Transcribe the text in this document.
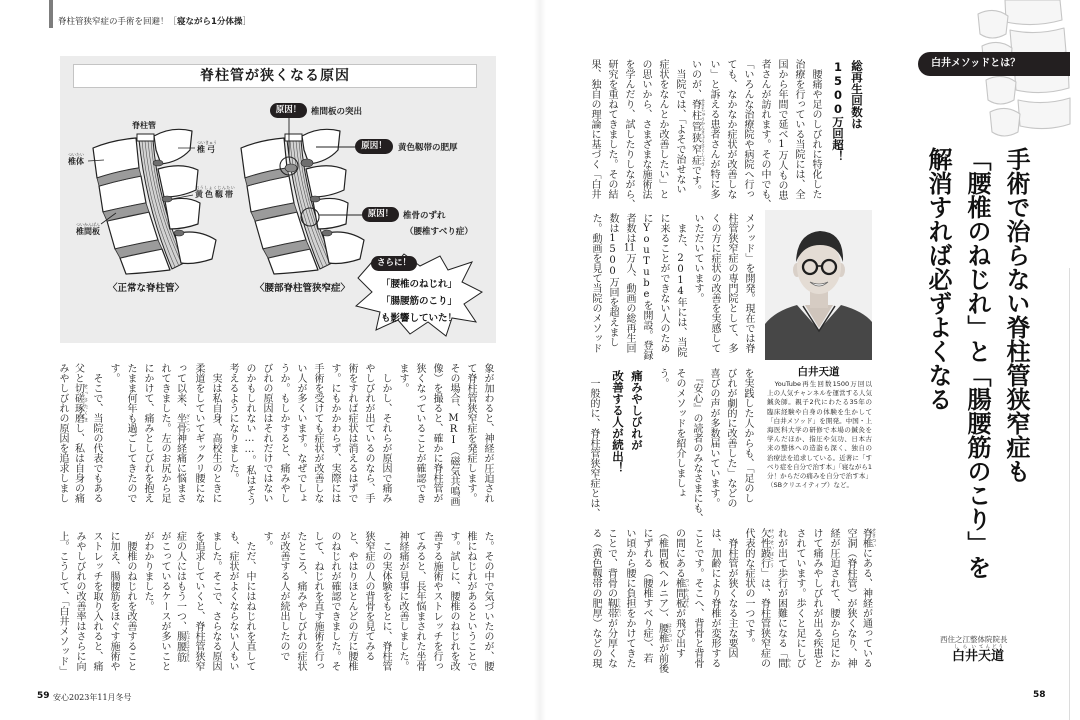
脊柱管狭窄症の手術を回避！［寝ながら1分体操］
脊柱管が狭くなる原因
脊柱管
椎弓ついきゅう
椎体ついたい
黄色靱帯おうしょくじんたい
椎間板ついかんばん
〈正常な脊柱管〉
原因！	椎間板の突出
原因！	黄色靱帯の肥厚
原因！	椎骨のずれ
（腰椎すべり症）
さらに！
「腰椎のねじれ」
「腸腰筋のこり」
も影響していた！
〈腰部脊柱管狭窄症〉
象が加わると、神経が圧迫され
て脊柱管狭窄症を発症します。
その場合、MRI（磁気共鳴画
像）を撮ると、確かに脊柱管が
狭くなっていることが確認でき
ます。
　しかし、それらが原因で痛み
やしびれが出ているのなら、手
術をすれば症状は消えるはずで
す。にもかかわらず、実際には
手術を受けても症状が改善しな
い人が多くいます。なぜでしょ
うか。もしかすると、痛みやし
びれの原因はそれだけではない
のかもしれない……。私はそう
考えるようになりました。
　実は私自身、高校生のときに
柔道をしていてギックリ腰にな
って以来、坐骨 ざこつ神経痛に悩まさ
れてきました。左のお尻から足
にかけて、痛みとしびれを抱え
たまま何年も過ごしてきたので
す。
　そこで、当院の代表でもある
父と切磋琢磨 せっさたくまし、私は自身の痛
みやしびれの原因を追求しまし
た。その中で気づいたのが、腰
椎にねじれがあるということで
す。試しに、腰椎のねじれを改
善する施術やストレッチを行っ
てみると、長年悩まされた坐骨
神経痛が見事に改善しました。
　この実体験をもとに、脊柱管
狭窄症の人の背骨を見てみる
と、やはりほとんどの方に腰椎
のねじれが確認できました。そ
して、ねじれを直す施術を行っ
たところ、痛みやしびれの症状
が改善する人が続出したので
す。
　ただ、中にはねじれを直して
も、症状がよくならない人もい
ました。そこで、さらなる原因
を追求していくと、脊柱管狭窄
症の人にはもう一つ、腸腰筋 ちょうようきん
がこっているケースが多いこと
がわかりました。
　腰椎のねじれを改善すること
に加え、腸腰筋をほぐす施術や
ストレッチを取り入れると、痛
みやしびれの改善率はさらに向
上。こうして、「白井メソッド」
59 安心2023年11月冬号
白井メソッドとは？
手術で治らない脊柱管狭窄症も
「腰椎のねじれ」と「腸腰筋のこり」を
解消すれば必ずよくなる
総再生回数は
1500万回超！
　腰痛や足のしびれに特化した
治療を行っている当院には、全
国から年間で延べ1万人もの患
者さんが訪れます。その中でも、
「いろんな治療院や病院へ行っ
ても、なかなか症状が改善しな
い」と訴える患者さんが特に多
いのが、脊柱管狭窄症 せきちゅうかんきょうさくしょうです。
　当院では、「よそで治せない
症状をなんとか改善したい」と
の思いから、さまざまな施術法
を学んだり、試したりしながら、
研究を重ねてきました。その結
果、独自の理論に基づく「白井
白井天道
　YouTube再生回数1500万回以
上の人気チャンネルを運営する人気
鍼灸師。親子2代にわたる35年の
臨床経験や自身の体験を生かして
「白井メソッド」を開発。中国・上
海医科大学の研修で本場の鍼灸を
学んだほか、指圧や気功、日本古
来の整体への造詣も深く、独自の
治療法を追求している。近著に「す
べり症を自分で治す本」「寝ながら1
分！からだの痛みを自分で治す本」
（SBクリエイティブ）など。
メソッド」を開発。現在では脊
柱管狭窄症の専門院として、多
くの方に症状の改善を実感して
いただいています。
　また、2014年には、当院
に来ることができない人のため
にYouTubeを開設。登録
者数は11万人、動画の総再生回
数は1500万回を超えまし
た。動画を見て当院のメソッド
を実践した人からも、「足のし
びれが劇的に改善した」などの
喜びの声が多数届いています。
　『安心』の読者のみなさまにも、
そのメソッドを紹介しましょ
う。
痛みやしびれが
改善する人が続出！
　一般的に、脊柱管狭窄症とは、
脊椎 せきついにある、神経が通っている
空洞（脊柱管）が狭くなり、神
経が圧迫されて、腰から足にか
けて痛みやしびれが出る疾患と
されています。歩くと足にしび
れが出て歩行が困難になる「間 かん
欠性跛行 けつせいはこう」は、脊柱管狭窄症の
代表的な症状の一つです。
　脊柱管が狭くなる主な要因
は、加齢により脊椎が変形する
ことです。そこへ、背骨と背骨
の間にある椎間板 ついかんばんが飛び出す
（椎間板ヘルニア）、腰椎 ようついが前後
にずれる（腰椎すべり症）、若
い頃から腰に負担をかけてきた
ことで、背骨の靱帯 じんたいが分厚くな
る（黄色靱帯の肥厚）などの現	西住之江整体院院長
白井しらい天道てんどう
58
